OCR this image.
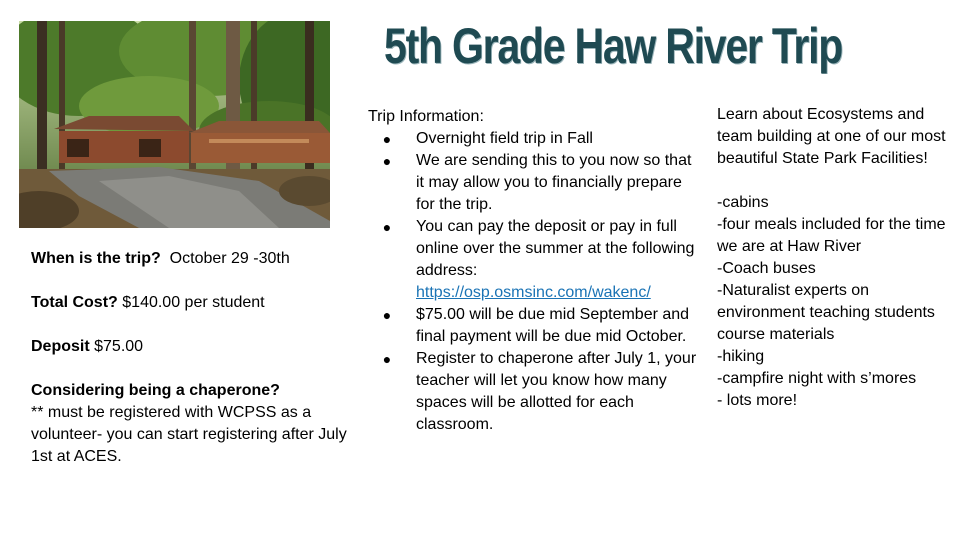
5th Grade Haw River Trip

When is the trip? October 29 -30th

Total Cost? $140.00 per student

Deposit $75.00

Considering being a chaperone?
** must be registered with WCPSS as a volunteer- you can start registering after July 1st at ACES.

Trip Information:

● Overnight field trip in Fall
● We are sending this to you now so that it may allow you to financially prepare for the trip.
● You can pay the deposit or pay in full online over the summer at the following address: https://osp.osmsinc.com/wakenc/
● $75.00 will be due mid September and final payment will be due mid October.
● Register to chaperone after July 1, your teacher will let you know how many spaces will be allotted for each classroom.

Learn about Ecosystems and team building at one of our most beautiful State Park Facilities!

-cabins

-four meals included for the time we are at Haw River

-Coach buses

-Naturalist experts on environment teaching students course materials

-hiking

-campfire night with s’mores

- lots more!
